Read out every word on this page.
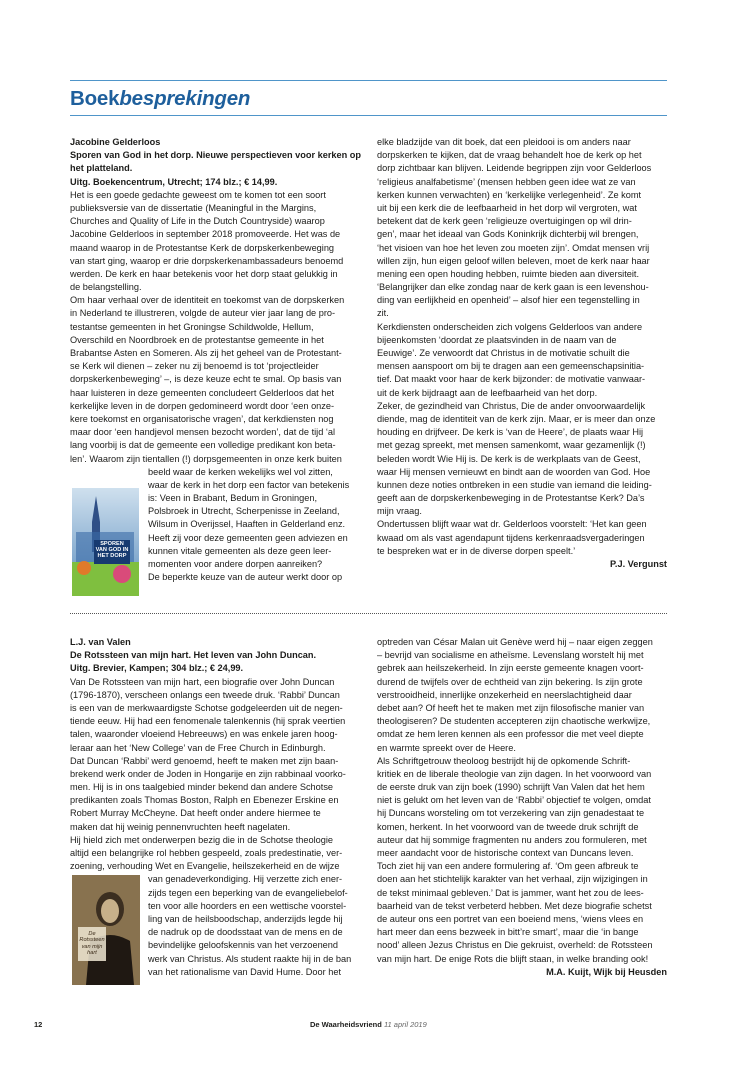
Boekbesprekingen
Jacobine Gelderloos
Sporen van God in het dorp. Nieuwe perspectieven voor kerken op
het platteland.
Uitg. Boekencentrum, Utrecht; 174 blz.; € 14,99.
Het is een goede gedachte geweest om te komen tot een soort
publieksversie van de dissertatie (Meaningful in the Margins,
Churches and Quality of Life in the Dutch Countryside) waarop
Jacobine Gelderloos in september 2018 promoveerde. Het was de
maand waarop in de Protestantse Kerk de dorpskerkenbeweging
van start ging, waarop er drie dorpskerkenambassadeurs benoemd
werden. De kerk en haar betekenis voor het dorp staat gelukkig in
de belangstelling.
Om haar verhaal over de identiteit en toekomst van de dorpskerken
in Nederland te illustreren, volgde de auteur vier jaar lang de pro-
testantse gemeenten in het Groningse Schildwolde, Hellum,
Overschild en Noordbroek en de protestantse gemeente in het
Brabantse Asten en Someren. Als zij het geheel van de Protestant-
se Kerk wil dienen – zeker nu zij benoemd is tot ‘projectleider
dorpskerkenbeweging’ –, is deze keuze echt te smal. Op basis van
haar luisteren in deze gemeenten concludeert Gelderloos dat het
kerkelijke leven in de dorpen gedomineerd wordt door ‘een onze-
kere toekomst en organisatorische vragen’, dat kerkdiensten nog
maar door ‘een handjevol mensen bezocht worden’, dat de tijd ‘al
lang voorbij is dat de gemeente een volledige predikant kon beta-
len’. Waarom zijn tientallen (!) dorpsgemeenten in onze kerk buiten
beeld waar de kerken wekelijks wel vol zitten,
waar de kerk in het dorp een factor van betekenis
is: Veen in Brabant, Bedum in Groningen,
Polsbroek in Utrecht, Scherpenisse in Zeeland,
Wilsum in Overijssel, Haaften in Gelderland enz.
Heeft zij voor deze gemeenten geen adviezen en
kunnen vitale gemeenten als deze geen leer-
momenten voor andere dorpen aanreiken?
De beperkte keuze van de auteur werkt door op
elke bladzijde van dit boek, dat een pleidooi is om anders naar
dorpskerken te kijken, dat de vraag behandelt hoe de kerk op het
dorp zichtbaar kan blijven. Leidende begrippen zijn voor Gelderloos
‘religieus analfabetisme’ (mensen hebben geen idee wat ze van
kerken kunnen verwachten) en ‘kerkelijke verlegenheid’. Ze komt
uit bij een kerk die de leefbaarheid in het dorp wil vergroten, wat
betekent dat de kerk geen ‘religieuze overtuigingen op wil drin-
gen’, maar het ideaal van Gods Koninkrijk dichterbij wil brengen,
‘het visioen van hoe het leven zou moeten zijn’. Omdat mensen vrij
willen zijn, hun eigen geloof willen beleven, moet de kerk naar haar
mening een open houding hebben, ruimte bieden aan diversiteit.
‘Belangrijker dan elke zondag naar de kerk gaan is een levenshou-
ding van eerlijkheid en openheid’ – alsof hier een tegenstelling in
zit.
Kerkdiensten onderscheiden zich volgens Gelderloos van andere
bijeenkomsten ‘doordat ze plaatsvinden in de naam van de
Eeuwige’. Ze verwoordt dat Christus in de motivatie schuilt die
mensen aanspoort om bij te dragen aan een gemeenschapsinitia-
tief. Dat maakt voor haar de kerk bijzonder: de motivatie vanwaar-
uit de kerk bijdraagt aan de leefbaarheid van het dorp.
Zeker, de gezindheid van Christus, Die de ander onvoorwaardelijk
diende, mag de identiteit van de kerk zijn. Maar, er is meer dan onze
houding en drijfveer. De kerk is ‘van de Heere’, de plaats waar Hij
met gezag spreekt, met mensen samenkomt, waar gezamenlijk (!)
beleden wordt Wie Hij is. De kerk is de werkplaats van de Geest,
waar Hij mensen vernieuwt en bindt aan de woorden van God. Hoe
kunnen deze noties ontbreken in een studie van iemand die leiding-
geeft aan de dorpskerkenbeweging in de Protestantse Kerk? Da’s
mijn vraag.
Ondertussen blijft waar wat dr. Gelderloos voorstelt: ‘Het kan geen
kwaad om als vast agendapunt tijdens kerkenraadsvergaderingen
te bespreken wat er in de diverse dorpen speelt.’
P.J. Vergunst
SPOREN VAN GOD IN HET DORP
L.J. van Valen
De Rotssteen van mijn hart. Het leven van John Duncan.
Uitg. Brevier, Kampen; 304 blz.; € 24,99.
Van De Rotssteen van mijn hart, een biografie over John Duncan
(1796-1870), verscheen onlangs een tweede druk. ‘Rabbi’ Duncan
is een van de merkwaardigste Schotse godgeleerden uit de negen-
tiende eeuw. Hij had een fenomenale talenkennis (hij sprak veertien
talen, waaronder vloeiend Hebreeuws) en was enkele jaren hoog-
leraar aan het ‘New College’ van de Free Church in Edinburgh.
Dat Duncan ‘Rabbi’ werd genoemd, heeft te maken met zijn baan-
brekend werk onder de Joden in Hongarije en zijn rabbinaal voorko-
men. Hij is in ons taalgebied minder bekend dan andere Schotse
predikanten zoals Thomas Boston, Ralph en Ebenezer Erskine en
Robert Murray McCheyne. Dat heeft onder andere hiermee te
maken dat hij weinig pennenvruchten heeft nagelaten.
Hij hield zich met onderwerpen bezig die in de Schotse theologie
altijd een belangrijke rol hebben gespeeld, zoals predestinatie, ver-
zoening, verhouding Wet en Evangelie, heilszekerheid en de wijze
van genadeverkondiging. Hij verzette zich ener-
zijds tegen een beperking van de evangeliebelof-
ten voor alle hoorders en een wettische voorstel-
ling van de heilsboodschap, anderzijds legde hij
de nadruk op de doodsstaat van de mens en de
bevindelijke geloofskennis van het verzoenend
werk van Christus. Als student raakte hij in de ban
van het rationalisme van David Hume. Door het
optreden van César Malan uit Genève werd hij – naar eigen zeggen
– bevrijd van socialisme en atheïsme. Levenslang worstelt hij met
gebrek aan heilszekerheid. In zijn eerste gemeente knagen voort-
durend de twijfels over de echtheid van zijn bekering. Is zijn grote
verstrooidheid, innerlijke onzekerheid en neerslachtigheid daar
debet aan? Of heeft het te maken met zijn filosofische manier van
theologiseren? De studenten accepteren zijn chaotische werkwijze,
omdat ze hem leren kennen als een professor die met veel diepte
en warmte spreekt over de Heere.
Als Schriftgetrouw theoloog bestrijdt hij de opkomende Schrift-
kritiek en de liberale theologie van zijn dagen. In het voorwoord van
de eerste druk van zijn boek (1990) schrijft Van Valen dat het hem
niet is gelukt om het leven van de ‘Rabbi’ objectief te volgen, omdat
hij Duncans worsteling om tot verzekering van zijn genadestaat te
komen, herkent. In het voorwoord van de tweede druk schrijft de
auteur dat hij sommige fragmenten nu anders zou formuleren, met
meer aandacht voor de historische context van Duncans leven.
Toch ziet hij van een andere formulering af. ‘Om geen afbreuk te
doen aan het stichtelijk karakter van het verhaal, zijn wijzigingen in
de tekst minimaal gebleven.’ Dat is jammer, want het zou de lees-
baarheid van de tekst verbeterd hebben. Met deze biografie schetst
de auteur ons een portret van een boeiend mens, ‘wiens vlees en
hart meer dan eens bezweek in bitt’re smart’, maar die ‘in bange
nood’ alleen Jezus Christus en Die gekruist, overheld: de Rotssteen
van mijn hart. De enige Rots die blijft staan, in welke branding ook!
M.A. Kuijt, Wijk bij Heusden
De Rotssteen van mijn hart
12	De Waarheidsvriend 11 april 2019
